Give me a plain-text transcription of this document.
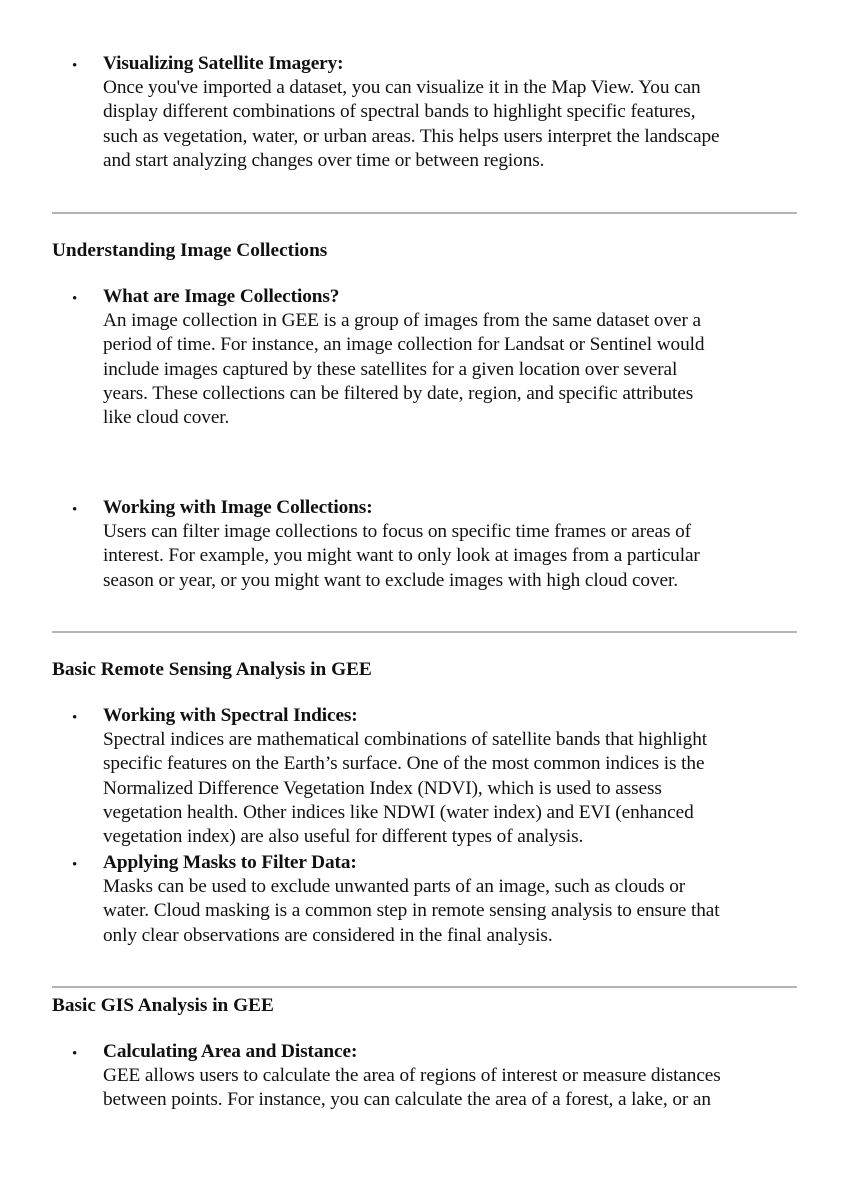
• Visualizing Satellite Imagery:
Once you've imported a dataset, you can visualize it in the Map View. You can
display different combinations of spectral bands to highlight specific features,
such as vegetation, water, or urban areas. This helps users interpret the landscape
and start analyzing changes over time or between regions.
Understanding Image Collections
• What are Image Collections?
An image collection in GEE is a group of images from the same dataset over a
period of time. For instance, an image collection for Landsat or Sentinel would
include images captured by these satellites for a given location over several
years. These collections can be filtered by date, region, and specific attributes
like cloud cover.
• Working with Image Collections:
Users can filter image collections to focus on specific time frames or areas of
interest. For example, you might want to only look at images from a particular
season or year, or you might want to exclude images with high cloud cover.
Basic Remote Sensing Analysis in GEE
• Working with Spectral Indices:
Spectral indices are mathematical combinations of satellite bands that highlight
specific features on the Earth’s surface. One of the most common indices is the
Normalized Difference Vegetation Index (NDVI), which is used to assess
vegetation health. Other indices like NDWI (water index) and EVI (enhanced
vegetation index) are also useful for different types of analysis.
• Applying Masks to Filter Data:
Masks can be used to exclude unwanted parts of an image, such as clouds or
water. Cloud masking is a common step in remote sensing analysis to ensure that
only clear observations are considered in the final analysis.
Basic GIS Analysis in GEE
• Calculating Area and Distance:
GEE allows users to calculate the area of regions of interest or measure distances
between points. For instance, you can calculate the area of a forest, a lake, or an
